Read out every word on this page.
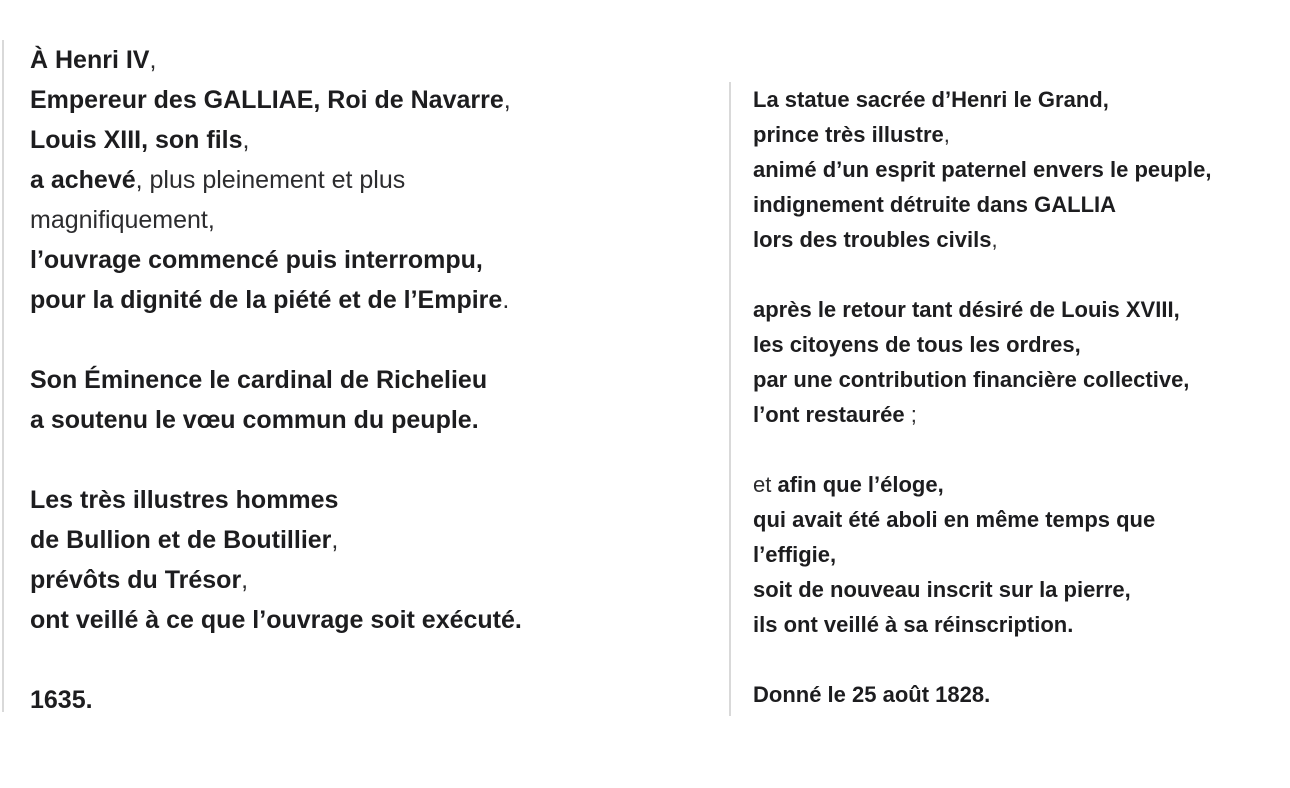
À Henri IV,
Empereur des GALLIAE, Roi de Navarre,
Louis XIII, son fils,
a achevé, plus pleinement et plus
magnifiquement,
l’ouvrage commencé puis interrompu,
pour la dignité de la piété et de l’Empire.
Son Éminence le cardinal de Richelieu
a soutenu le vœu commun du peuple.
Les très illustres hommes
de Bullion et de Boutillier,
prévôts du Trésor,
ont veillé à ce que l’ouvrage soit exécuté.
1635.
La statue sacrée d’Henri le Grand,
prince très illustre,
animé d’un esprit paternel envers le peuple,
indignement détruite dans GALLIA
lors des troubles civils,
après le retour tant désiré de Louis XVIII,
les citoyens de tous les ordres,
par une contribution financière collective,
l’ont restaurée ;
et afin que l’éloge,
qui avait été aboli en même temps que
l’effigie,
soit de nouveau inscrit sur la pierre,
ils ont veillé à sa réinscription.
Donné le 25 août 1828.
